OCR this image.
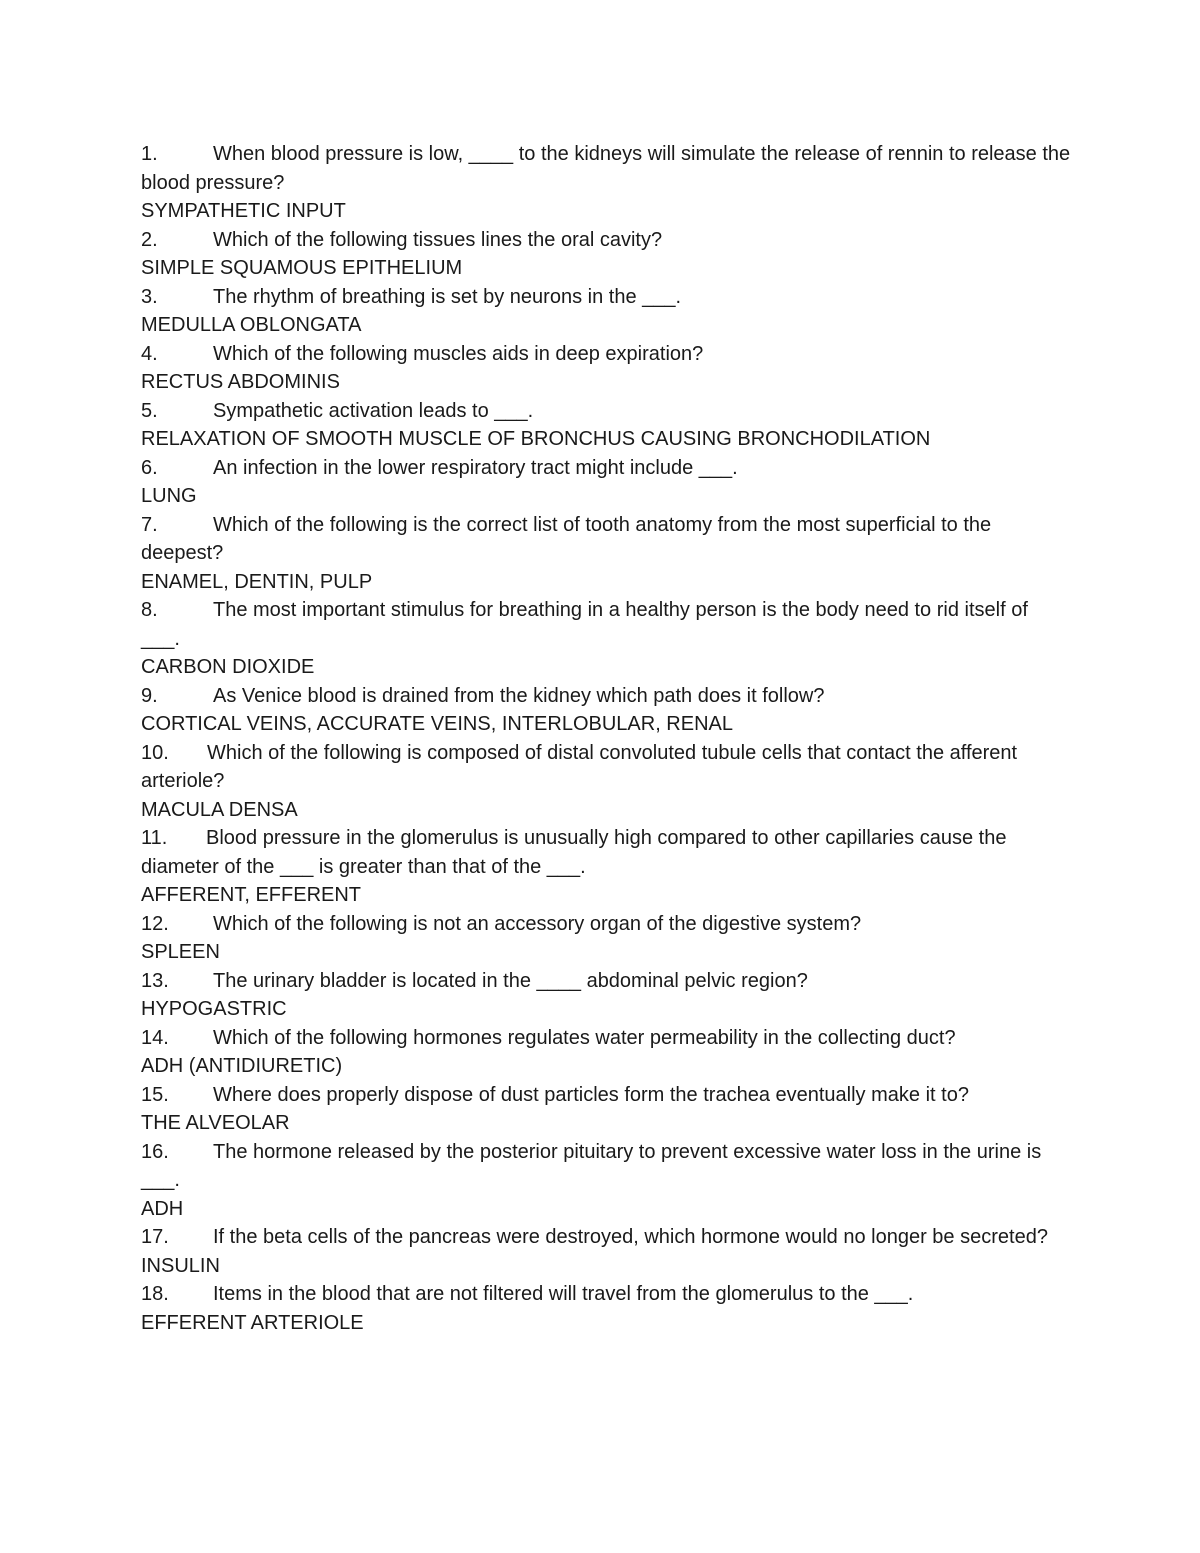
1.	When blood pressure is low, ____ to the kidneys will simulate the release of rennin to release the blood pressure?

SYMPATHETIC INPUT

2.	Which of the following tissues lines the oral cavity?

SIMPLE SQUAMOUS EPITHELIUM

3.	The rhythm of breathing is set by neurons in the ___.

MEDULLA OBLONGATA

4.	Which of the following muscles aids in deep expiration?

RECTUS ABDOMINIS

5.	Sympathetic activation leads to ___.

RELAXATION OF SMOOTH MUSCLE OF BRONCHUS CAUSING BRONCHODILATION

6.	An infection in the lower respiratory tract might include ___.

LUNG

7.	Which of the following is the correct list of tooth anatomy from the most superficial to the deepest?

ENAMEL, DENTIN, PULP

8.	The most important stimulus for breathing in a healthy person is the body need to rid itself of ___.

CARBON DIOXIDE

9.	As Venice blood is drained from the kidney which path does it follow?

CORTICAL VEINS, ACCURATE VEINS, INTERLOBULAR, RENAL

10. Which of the following is composed of distal convoluted tubule cells that contact the afferent arteriole?

MACULA DENSA

11. Blood pressure in the glomerulus is unusually high compared to other capillaries cause the diameter of the ___ is greater than that of the ___.

AFFERENT, EFFERENT

12. Which of the following is not an accessory organ of the digestive system?

SPLEEN

13. The urinary bladder is located in the ____ abdominal pelvic region?

HYPOGASTRIC

14. Which of the following hormones regulates water permeability in the collecting duct?

ADH (ANTIDIURETIC)

15. Where does properly dispose of dust particles form the trachea eventually make it to?

THE ALVEOLAR

16. The hormone released by the posterior pituitary to prevent excessive water loss in the urine is ___.

ADH

17. If the beta cells of the pancreas were destroyed, which hormone would no longer be secreted?

INSULIN

18. Items in the blood that are not filtered will travel from the glomerulus to the ___.

EFFERENT ARTERIOLE
